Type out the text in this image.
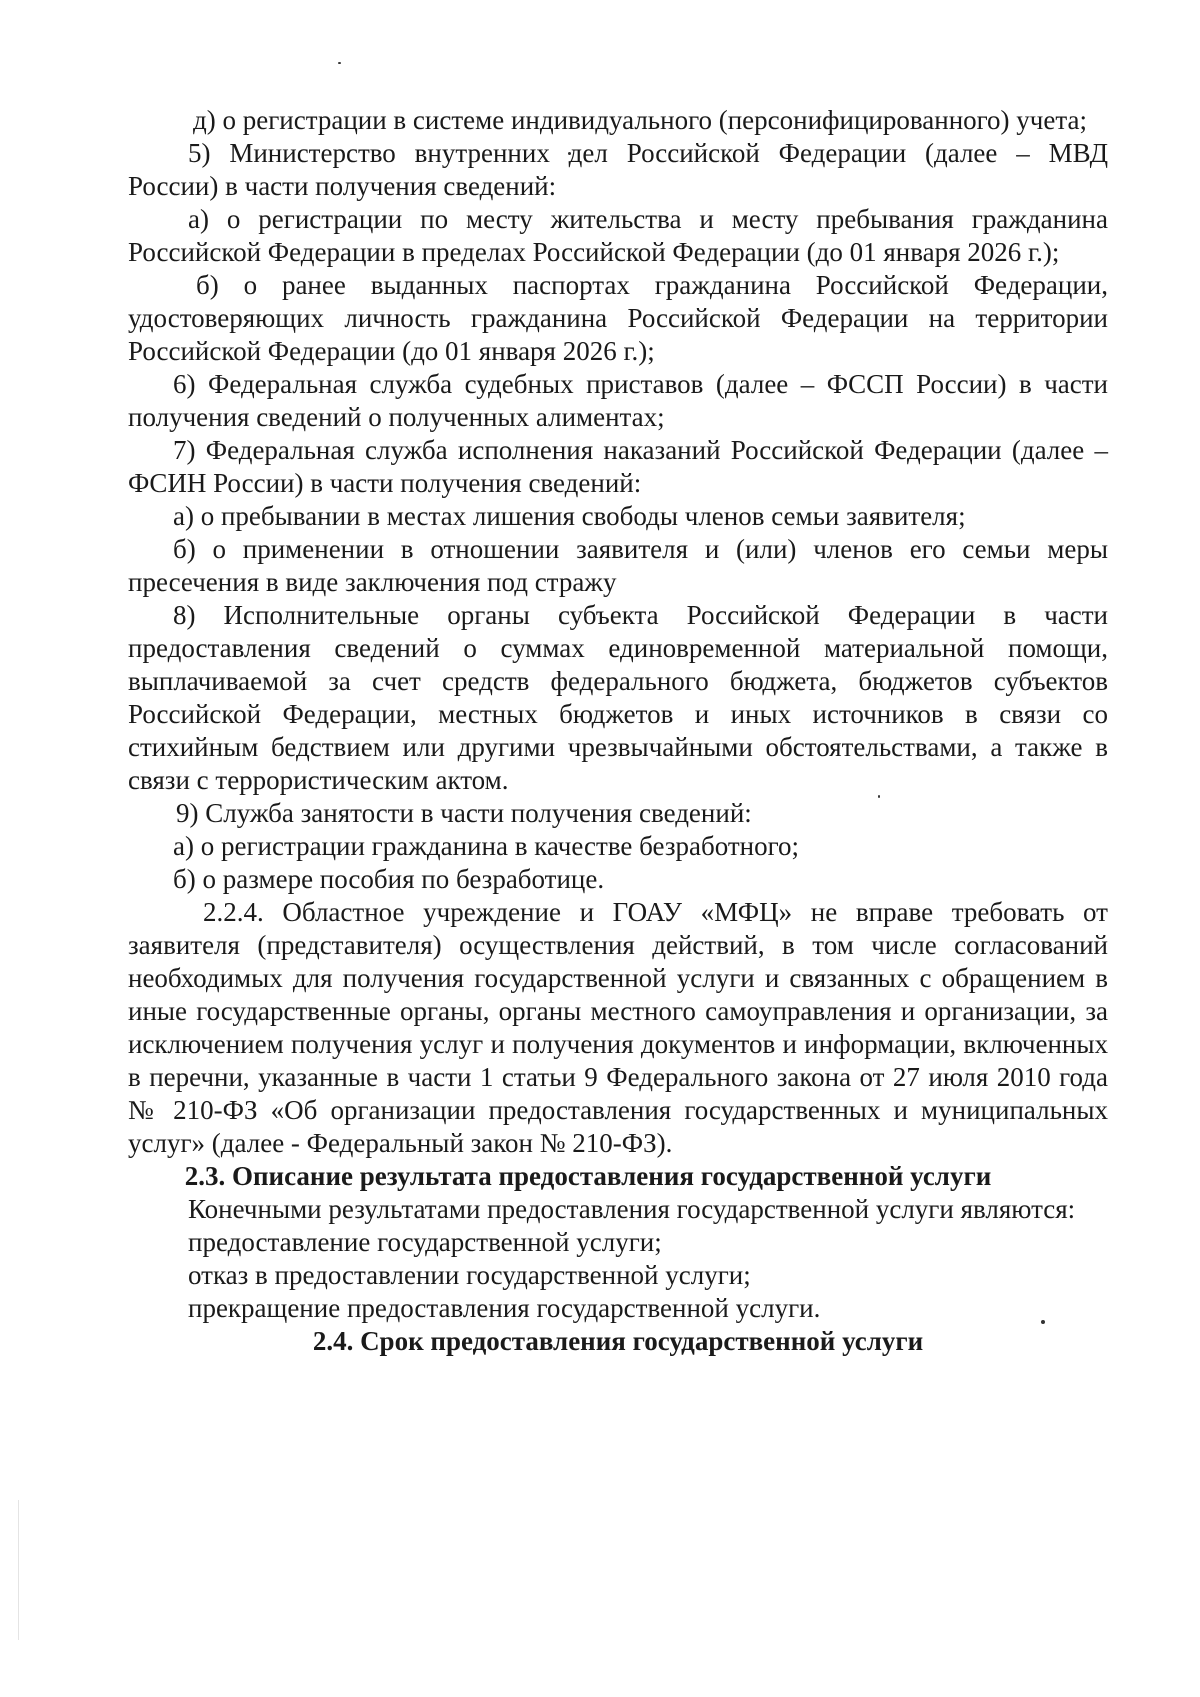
д) о регистрации в системе индивидуального (персонифицированного) учета;

5) Министерство внутренних дел Российской Федерации (далее – МВД России) в части получения сведений:

а) о регистрации по месту жительства и месту пребывания гражданина Российской Федерации в пределах Российской Федерации (до 01 января 2026 г.);

б) о ранее выданных паспортах гражданина Российской Федерации, удостоверяющих личность гражданина Российской Федерации на территории Российской Федерации (до 01 января 2026 г.);

6) Федеральная служба судебных приставов (далее – ФССП России) в части получения сведений о полученных алиментах;

7) Федеральная служба исполнения наказаний Российской Федерации (далее – ФСИН России) в части получения сведений:

а) о пребывании в местах лишения свободы членов семьи заявителя;

б) о применении в отношении заявителя и (или) членов его семьи меры пресечения в виде заключения под стражу

8) Исполнительные органы субъекта Российской Федерации в части предоставления сведений о суммах единовременной материальной помощи, выплачиваемой за счет средств федерального бюджета, бюджетов субъектов Российской Федерации, местных бюджетов и иных источников в связи со стихийным бедствием или другими чрезвычайными обстоятельствами, а также в связи с террористическим актом.

9) Служба занятости в части получения сведений:

а) о регистрации гражданина в качестве безработного;

б) о размере пособия по безработице.

2.2.4. Областное учреждение и ГОАУ «МФЦ» не вправе требовать от заявителя (представителя) осуществления действий, в том числе согласований необходимых для получения государственной услуги и связанных с обращением в иные государственные органы, органы местного самоуправления и организации, за исключением получения услуг и получения документов и информации, включенных в перечни, указанные в части 1 статьи 9 Федерального закона от 27 июля 2010 года № 210-ФЗ «Об организации предоставления государственных и муниципальных услуг» (далее - Федеральный закон № 210-ФЗ).

2.3. Описание результата предоставления государственной услуги

Конечными результатами предоставления государственной услуги являются:

предоставление государственной услуги;

отказ в предоставлении государственной услуги;

прекращение предоставления государственной услуги.

2.4. Срок предоставления государственной услуги
